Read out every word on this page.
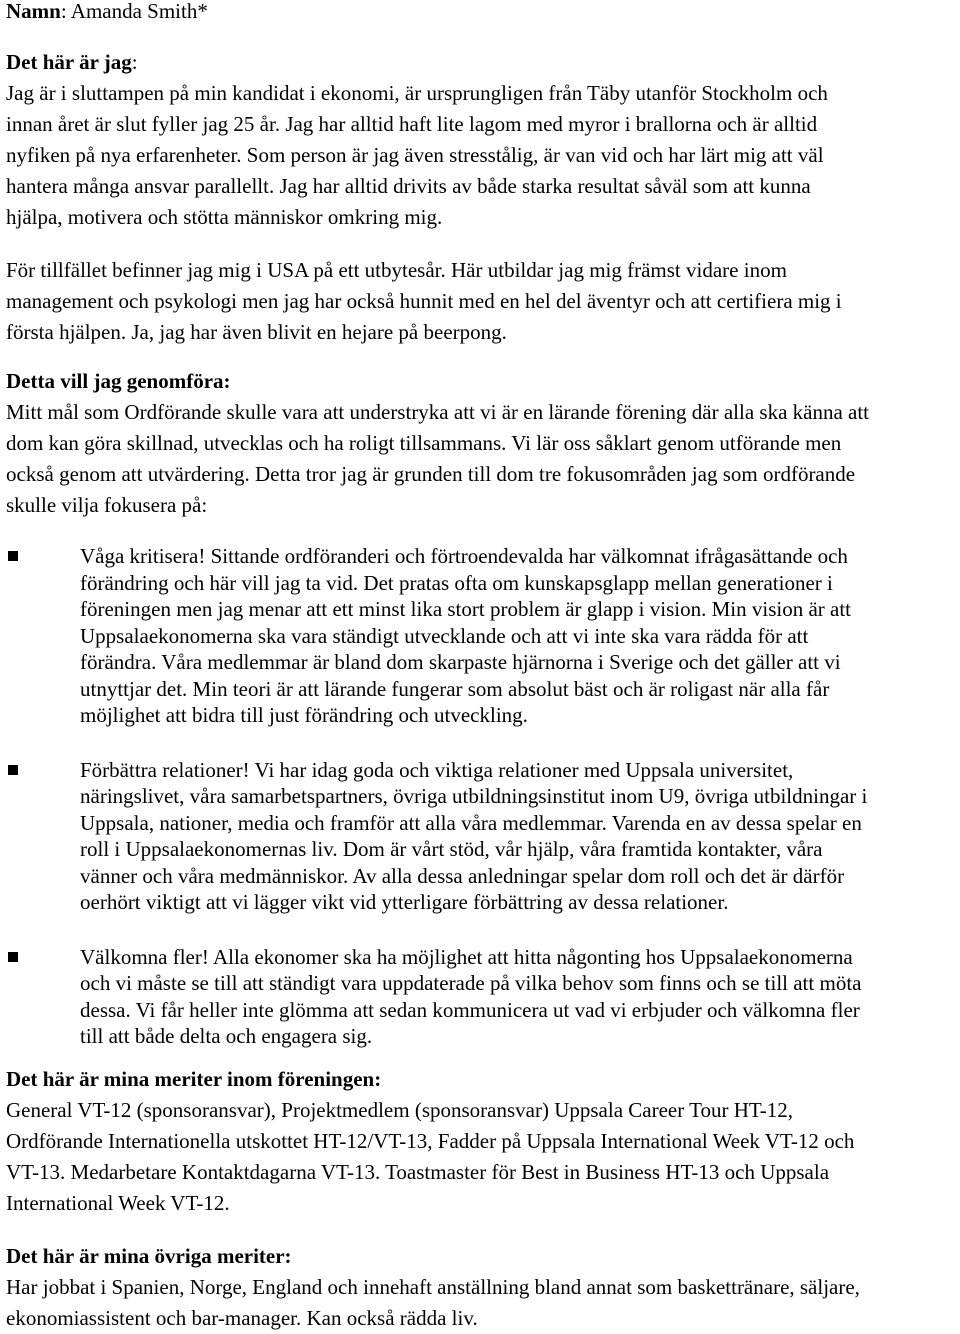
Namn: Amanda Smith*
Det här är jag:
Jag är i sluttampen på min kandidat i ekonomi, är ursprungligen från Täby utanför Stockholm och
innan året är slut fyller jag 25 år. Jag har alltid haft lite lagom med myror i brallorna och är alltid
nyfiken på nya erfarenheter. Som person är jag även stresstålig, är van vid och har lärt mig att väl
hantera många ansvar parallellt. Jag har alltid drivits av både starka resultat såväl som att kunna
hjälpa, motivera och stötta människor omkring mig.
För tillfället befinner jag mig i USA på ett utbytesår. Här utbildar jag mig främst vidare inom
management och psykologi men jag har också hunnit med en hel del äventyr och att certifiera mig i
första hjälpen. Ja, jag har även blivit en hejare på beerpong.
Detta vill jag genomföra:
Mitt mål som Ordförande skulle vara att understryka att vi är en lärande förening där alla ska känna att
dom kan göra skillnad, utvecklas och ha roligt tillsammans. Vi lär oss såklart genom utförande men
också genom att utvärdering. Detta tror jag är grunden till dom tre fokusområden jag som ordförande
skulle vilja fokusera på:
Våga kritisera! Sittande ordföranderi och förtroendevalda har välkomnat ifrågasättande och
förändring och här vill jag ta vid. Det pratas ofta om kunskapsglapp mellan generationer i
föreningen men jag menar att ett minst lika stort problem är glapp i vision. Min vision är att
Uppsalaekonomerna ska vara ständigt utvecklande och att vi inte ska vara rädda för att
förändra. Våra medlemmar är bland dom skarpaste hjärnorna i Sverige och det gäller att vi
utnyttjar det. Min teori är att lärande fungerar som absolut bäst och är roligast när alla får
möjlighet att bidra till just förändring och utveckling.
Förbättra relationer! Vi har idag goda och viktiga relationer med Uppsala universitet,
näringslivet, våra samarbetspartners, övriga utbildningsinstitut inom U9, övriga utbildningar i
Uppsala, nationer, media och framför att alla våra medlemmar. Varenda en av dessa spelar en
roll i Uppsalaekonomernas liv. Dom är vårt stöd, vår hjälp, våra framtida kontakter, våra
vänner och våra medmänniskor. Av alla dessa anledningar spelar dom roll och det är därför
oerhört viktigt att vi lägger vikt vid ytterligare förbättring av dessa relationer.
Välkomna fler! Alla ekonomer ska ha möjlighet att hitta någonting hos Uppsalaekonomerna
och vi måste se till att ständigt vara uppdaterade på vilka behov som finns och se till att möta
dessa. Vi får heller inte glömma att sedan kommunicera ut vad vi erbjuder och välkomna fler
till att både delta och engagera sig.
Det här är mina meriter inom föreningen:
General VT-12 (sponsoransvar), Projektmedlem (sponsoransvar) Uppsala Career Tour HT-12,
Ordförande Internationella utskottet HT-12/VT-13, Fadder på Uppsala International Week VT-12 och
VT-13. Medarbetare Kontaktdagarna VT-13. Toastmaster för Best in Business HT-13 och Uppsala
International Week VT-12.
Det här är mina övriga meriter:
Har jobbat i Spanien, Norge, England och innehaft anställning bland annat som baskettränare, säljare,
ekonomiassistent och bar-manager. Kan också rädda liv.
